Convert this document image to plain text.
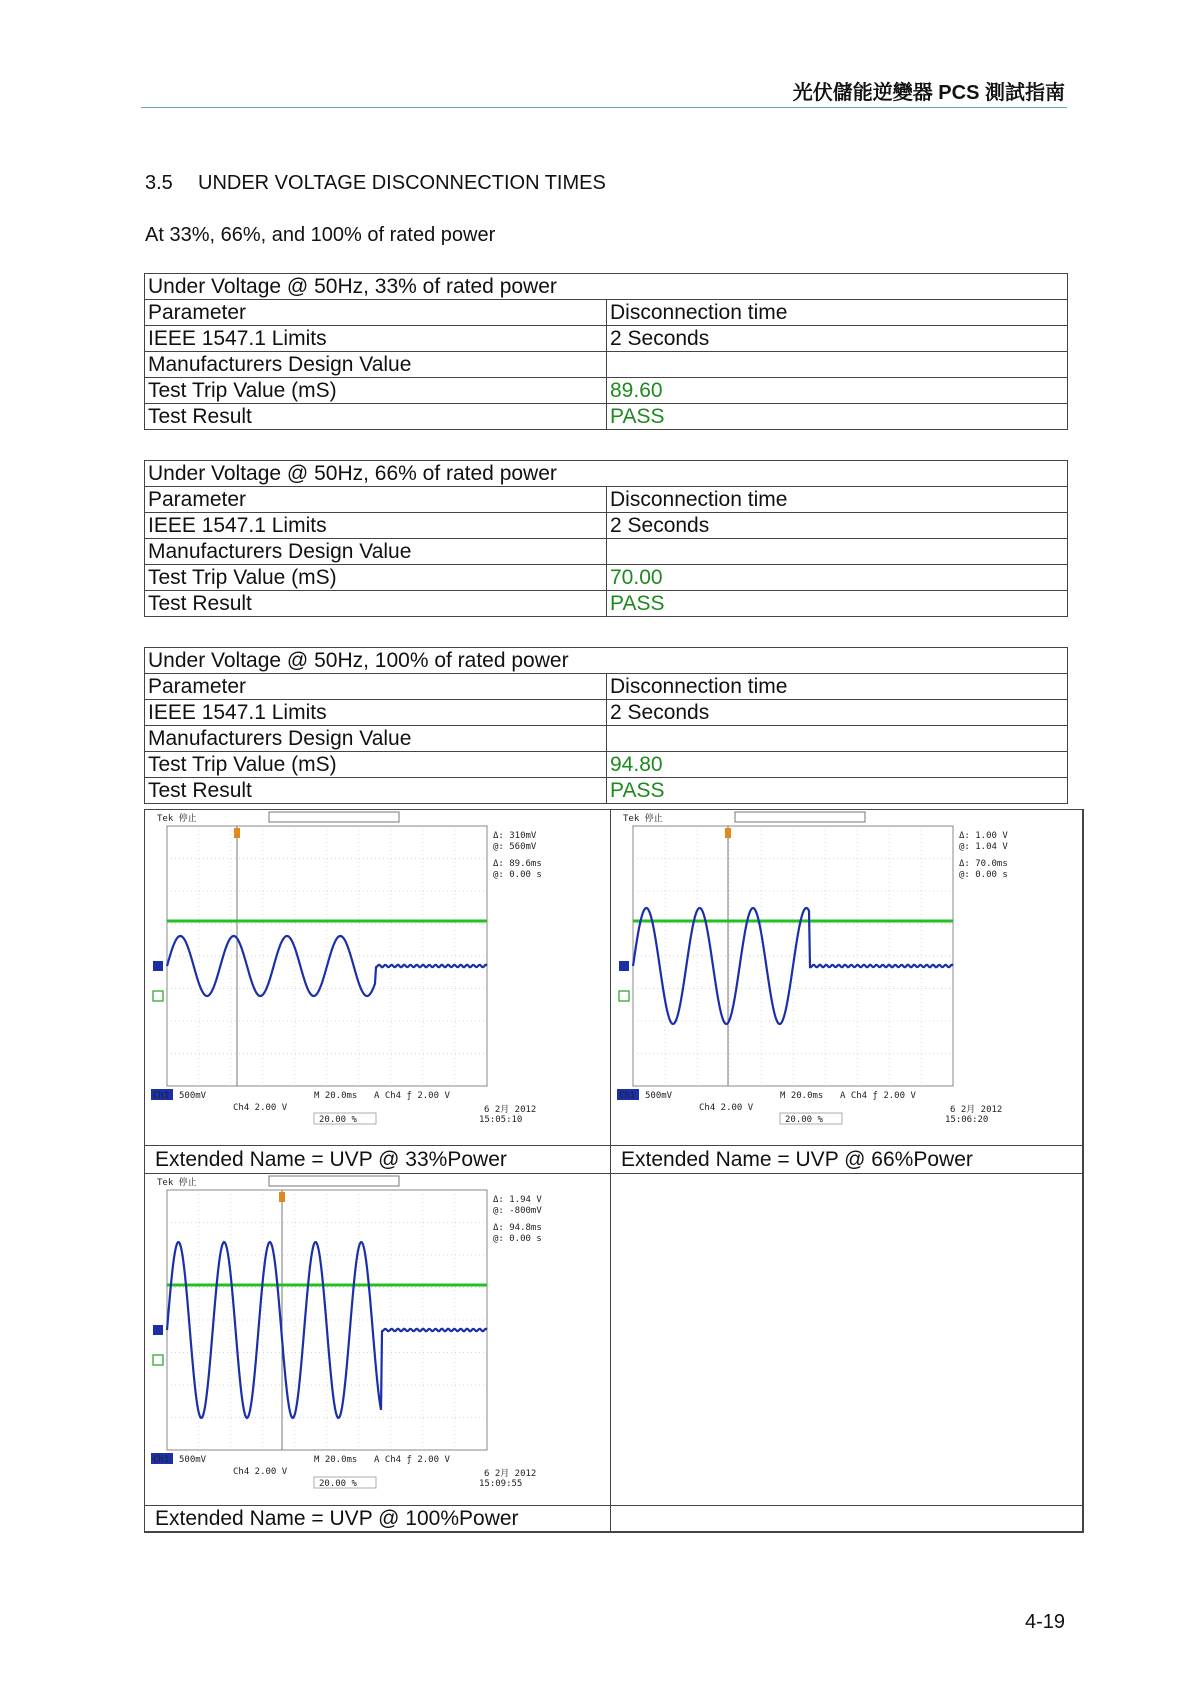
光伏儲能逆變器 PCS 測試指南
3.5 UNDER VOLTAGE DISCONNECTION TIMES
At 33%, 66%, and 100% of rated power
Under Voltage @ 50Hz, 33% of rated power	
Parameter	Disconnection time
IEEE 1547.1 Limits	2 Seconds
Manufacturers Design Value	
Test Trip Value (mS)	89.60
Test Result	PASS
Under Voltage @ 50Hz, 66% of rated power	
Parameter	Disconnection time
IEEE 1547.1 Limits	2 Seconds
Manufacturers Design Value	
Test Trip Value (mS)	70.00
Test Result	PASS
Under Voltage @ 50Hz, 100% of rated power	
Parameter	Disconnection time
IEEE 1547.1 Limits	2 Seconds
Manufacturers Design Value	
Test Trip Value (mS)	94.80
Test Result	PASS
Tek 停止
Δ: 310mV
@: 560mV
Δ: 89.6ms
@: 0.00 s
Ch1 500mV	M 20.0ms A Ch4 ƒ 2.00 V
Ch4 2.00 V
20.00 %
6 2月 2012
15:05:10
Tek 停止
Δ: 1.00 V
@: 1.04 V
Δ: 70.0ms
@: 0.00 s
Ch1 500mV	M 20.0ms A Ch4 ƒ 2.00 V
Ch4 2.00 V
20.00 %
6 2月 2012
15:06:20
Tek 停止
Δ: 1.94 V
@: -800mV
Δ: 94.8ms
@: 0.00 s
Ch1 500mV	M 20.0ms A Ch4 ƒ 2.00 V
Ch4 2.00 V
20.00 %
6 2月 2012
15:09:55
Extended Name = UVP @ 33%Power	Extended Name = UVP @ 66%Power
Extended Name = UVP @ 100%Power
4-19
